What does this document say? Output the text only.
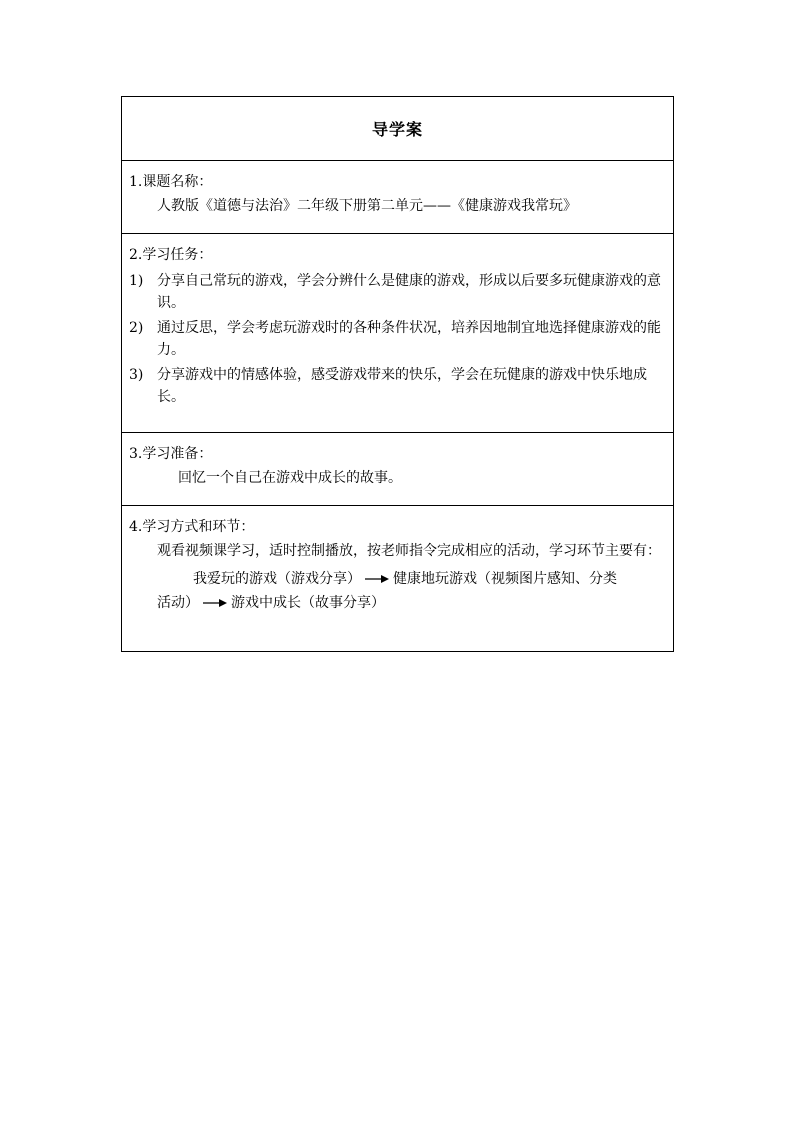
导学案
1.课题名称：
人教版《道德与法治》二年级下册第二单元——《健康游戏我常玩》
2.学习任务：
1) 分享自己常玩的游戏，学会分辨什么是健康的游戏，形成以后要多玩健康游戏的意识。
2) 通过反思，学会考虑玩游戏时的各种条件状况，培养因地制宜地选择健康游戏的能力。
3) 分享游戏中的情感体验，感受游戏带来的快乐，学会在玩健康的游戏中快乐地成长。
3.学习准备：
回忆一个自己在游戏中成长的故事。
4.学习方式和环节：
观看视频课学习，适时控制播放，按老师指令完成相应的活动，学习环节主要有：
我爱玩的游戏（游戏分享） 健康地玩游戏（视频图片感知、分类
活动） 游戏中成长（故事分享）
